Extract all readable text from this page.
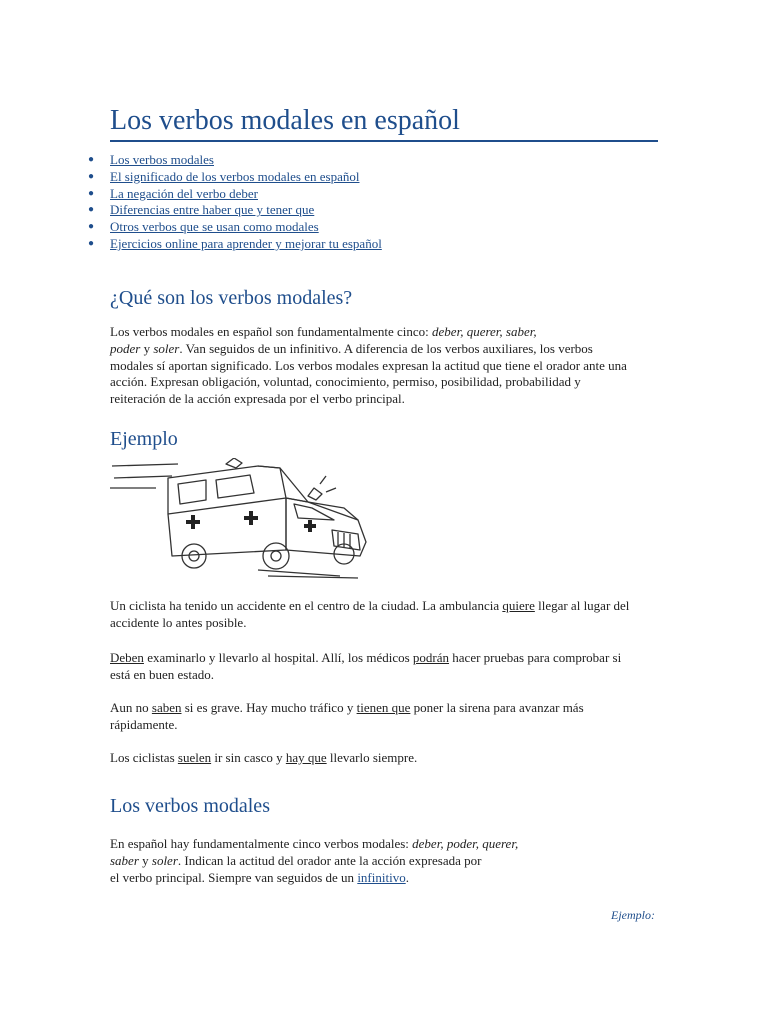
Los verbos modales en español
● Los verbos modales
● El significado de los verbos modales en español
● La negación del verbo deber
● Diferencias entre haber que y tener que
● Otros verbos que se usan como modales
● Ejercicios online para aprender y mejorar tu español
¿Qué son los verbos modales?

Los verbos modales en español son fundamentalmente cinco: deber, querer, saber,
poder y soler. Van seguidos de un infinitivo. A diferencia de los verbos auxiliares, los verbos modales sí aportan significado. Los verbos modales expresan la actitud que tiene el orador ante una acción. Expresan obligación, voluntad, conocimiento, permiso, posibilidad, probabilidad y reiteración de la acción expresada por el verbo principal.

Ejemplo

Un ciclista ha tenido un accidente en el centro de la ciudad. La ambulancia quiere llegar al lugar del accidente lo antes posible.

Deben examinarlo y llevarlo al hospital. Allí, los médicos podrán hacer pruebas para comprobar si está en buen estado.

Aun no saben si es grave. Hay mucho tráfico y tienen que poner la sirena para avanzar más rápidamente.

Los ciclistas suelen ir sin casco y hay que llevarlo siempre.

Los verbos modales

En español hay fundamentalmente cinco verbos modales: deber, poder, querer,
saber y soler. Indican la actitud del orador ante la acción expresada por
el verbo principal. Siempre van seguidos de un infinitivo.

Ejemplo:
